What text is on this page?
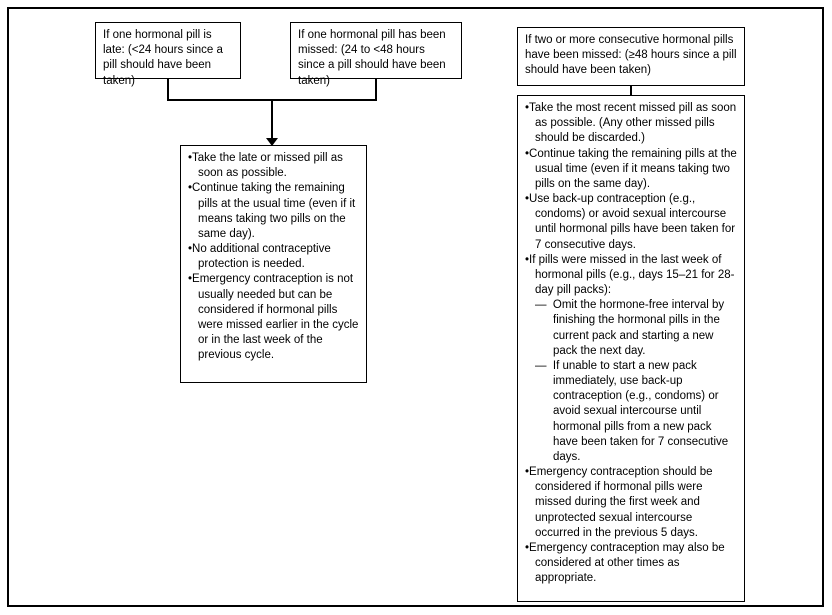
If one hormonal pill is late: (<24 hours since a pill should have been taken)
If one hormonal pill has been missed: (24 to <48 hours since a pill should have been taken)
If two or more consecutive hormonal pills have been missed: (≥48 hours since a pill should have been taken)
• Take the late or missed pill as soon as possible.
• Continue taking the remaining pills at the usual time (even if it means taking two pills on the same day).
• No additional contraceptive protection is needed.
• Emergency contraception is not usually needed but can be considered if hormonal pills were missed earlier in the cycle or in the last week of the previous cycle.
• Take the most recent missed pill as soon as possible. (Any other missed pills should be discarded.)
• Continue taking the remaining pills at the usual time (even if it means taking two pills on the same day).
• Use back-up contraception (e.g., condoms) or avoid sexual intercourse until hormonal pills have been taken for 7 consecutive days.
• If pills were missed in the last week of hormonal pills (e.g., days 15–21 for 28-day pill packs):
—  Omit the hormone-free interval by finishing the hormonal pills in the current pack and starting a new pack the next day.
—  If unable to start a new pack immediately, use back-up contraception (e.g., condoms) or avoid sexual intercourse until hormonal pills from a new pack have been taken for 7 consecutive days.
• Emergency contraception should be considered if hormonal pills were missed during the first week and unprotected sexual intercourse occurred in the previous 5 days.
• Emergency contraception may also be considered at other times as appropriate.
